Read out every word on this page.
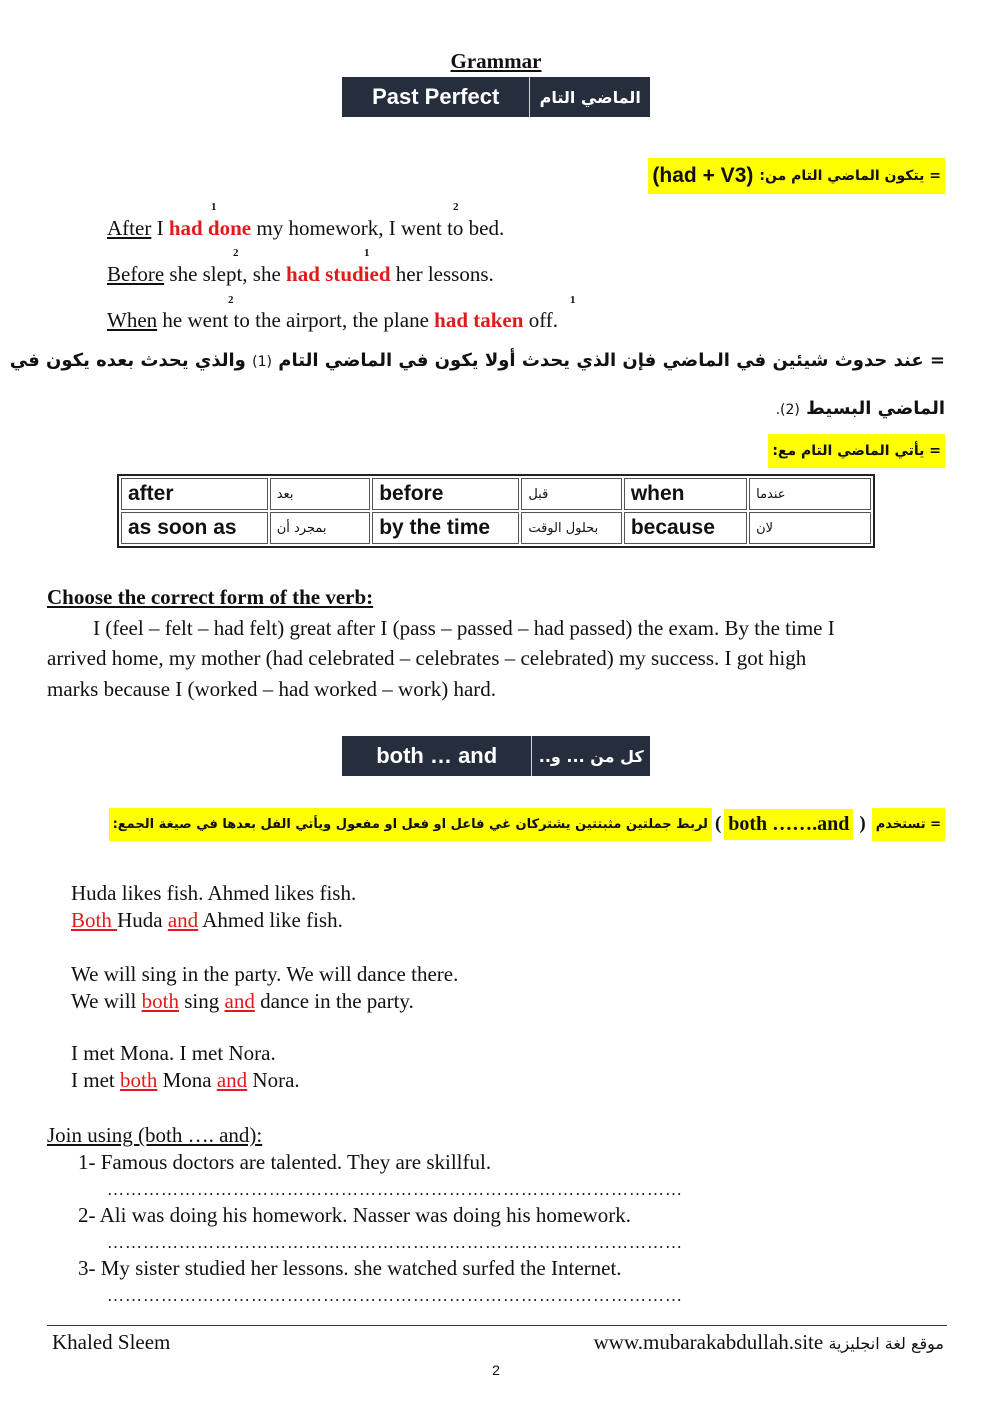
Grammar
Past Perfect	الماضي التام
= يتكون الماضي التام من:
(had + V3)
1	2
After I had done my homework, I went to bed.
2	1
Before she slept, she had studied her lessons.
2	1
When he went to the airport, the plane had taken off.
= عند حدوث شيئين في الماضي فإن الذي يحدث أولا يكون في الماضي التام (1) والذي يحدث بعده يكون في
الماضي البسيط (2).
= يأتي الماضي التام مع:
after	بعد	before	قبل	when	عندما
as soon as	بمجرد أن	by the time	بحلول الوقت	because	لان
Choose the correct form of the verb:
I (feel – felt – had felt) great after I (pass – passed – had passed) the exam. By the time I
arrived home, my mother (had celebrated – celebrates – celebrated) my success. I got high
marks because I (worked – had worked – work) hard.
both … and	كل من ... و..
= تستخدم
(
both …….and
)
لربط جملتين مثبتتين يشتركان غي فاعل او فعل او مفعول ويأتي الفل بعدها في صيغة الجمع:
Huda likes fish. Ahmed likes fish.
Both Huda and Ahmed like fish.
We will sing in the party. We will dance there.
We will both sing and dance in the party.
I met Mona. I met Nora.
I met both Mona and Nora.
Join using (both …. and):
1- Famous doctors are talented. They are skillful.
……………………………………………………………………………………
2- Ali was doing his homework. Nasser was doing his homework.
……………………………………………………………………………………
3- My sister studied her lessons. she watched surfed the Internet.
……………………………………………………………………………………
Khaled Sleem	www.mubarakabdullah.site موقع لغة انجليزية
2
